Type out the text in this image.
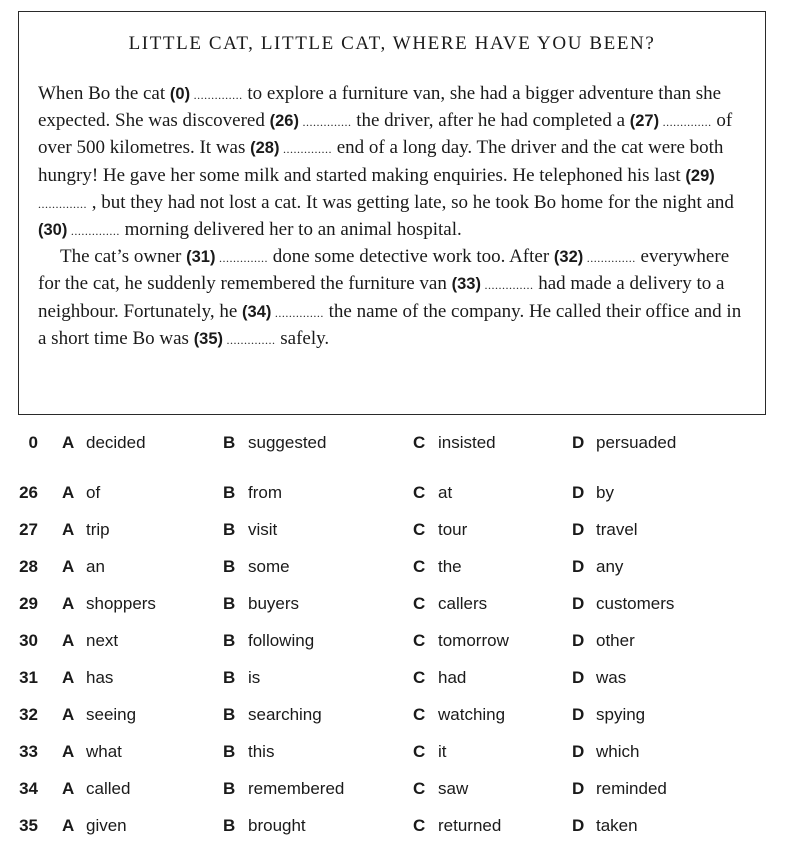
LITTLE CAT, LITTLE CAT, WHERE HAVE YOU BEEN?

When Bo the cat (0) .............. to explore a furniture van, she had a bigger adventure than she expected. She was discovered (26) .............. the driver, after he had completed a (27) .............. of over 500 kilometres. It was (28) .............. end of a long day. The driver and the cat were both hungry! He gave her some milk and started making enquiries. He telephoned his last (29) .............. , but they had not lost a cat. It was getting late, so he took Bo home for the night and (30) .............. morning delivered her to an animal hospital.

The cat’s owner (31) .............. done some detective work too. After (32) .............. everywhere for the cat, he suddenly remembered the furniture van (33) .............. had made a delivery to a neighbour. Fortunately, he (34) .............. the name of the company. He called their office and in a short time Bo was (35) .............. safely.

0 A decided	B suggested	C insisted	D persuaded
26 A of	B from	C at	D by
27 A trip	B visit	C tour	D travel
28 A an	B some	C the	D any
29 A shoppers	B buyers	C callers	D customers
30 A next	B following	C tomorrow	D other
31 A has	B is	C had	D was
32 A seeing	B searching	C watching	D spying
33 A what	B this	C it	D which
34 A called	B remembered	C saw	D reminded
35 A given	B brought	C returned	D taken
